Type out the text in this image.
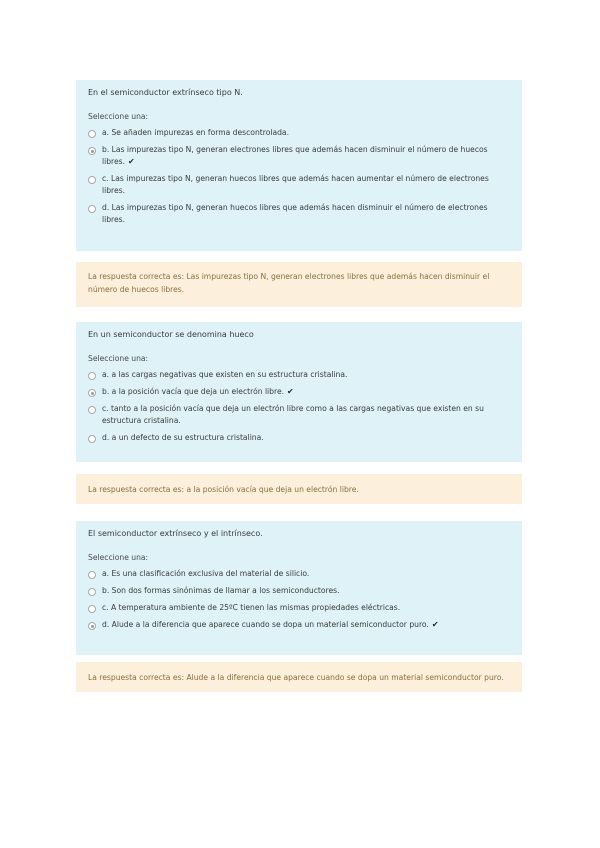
En el semiconductor extrínseco tipo N.
Seleccione una:
a. Se añaden impurezas en forma descontrolada.
b. Las impurezas tipo N, generan electrones libres que además hacen disminuir el número de huecos libres. ✔
c. Las impurezas tipo N, generan huecos libres que además hacen aumentar el número de electrones libres.
d. Las impurezas tipo N, generan huecos libres que además hacen disminuir el número de electrones libres.
La respuesta correcta es: Las impurezas tipo N, generan electrones libres que además hacen disminuir el número de huecos libres.
En un semiconductor se denomina hueco
Seleccione una:
a. a las cargas negativas que existen en su estructura cristalina.
b. a la posición vacía que deja un electrón libre. ✔
c. tanto a la posición vacía que deja un electrón libre como a las cargas negativas que existen en su estructura cristalina.
d. a un defecto de su estructura cristalina.
La respuesta correcta es: a la posición vacía que deja un electrón libre.
El semiconductor extrínseco y el intrínseco.
Seleccione una:
a. Es una clasificación exclusiva del material de silicio.
b. Son dos formas sinónimas de llamar a los semiconductores.
c. A temperatura ambiente de 25ºC tienen las mismas propiedades eléctricas.
d. Alude a la diferencia que aparece cuando se dopa un material semiconductor puro. ✔
La respuesta correcta es: Alude a la diferencia que aparece cuando se dopa un material semiconductor puro.
